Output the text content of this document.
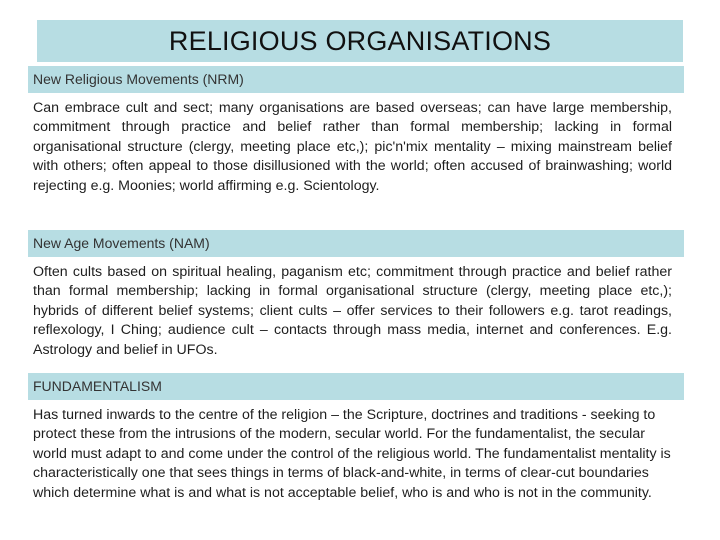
RELIGIOUS ORGANISATIONS
New Religious Movements (NRM)
Can embrace cult and sect; many organisations are based overseas; can have large membership, commitment through practice and belief rather than formal membership; lacking in formal organisational structure (clergy, meeting place etc,); pic'n'mix mentality – mixing mainstream belief with others; often appeal to those disillusioned with the world; often accused of brainwashing; world rejecting e.g. Moonies; world affirming e.g. Scientology.
New Age Movements (NAM)
Often cults based on spiritual healing, paganism etc; commitment through practice and belief rather than formal membership; lacking in formal organisational structure (clergy, meeting place etc,); hybrids of different belief systems; client cults – offer services to their followers e.g. tarot readings, reflexology, I Ching; audience cult – contacts through mass media, internet and conferences. E.g. Astrology and belief in UFOs.
FUNDAMENTALISM
Has turned inwards to the centre of the religion – the Scripture, doctrines and traditions - seeking to protect these from the intrusions of the modern, secular world. For the fundamentalist, the secular world must adapt to and come under the control of the religious world. The fundamentalist mentality is characteristically one that sees things in terms of black-and-white, in terms of clear-cut boundaries which determine what is and what is not acceptable belief, who is and who is not in the community.
